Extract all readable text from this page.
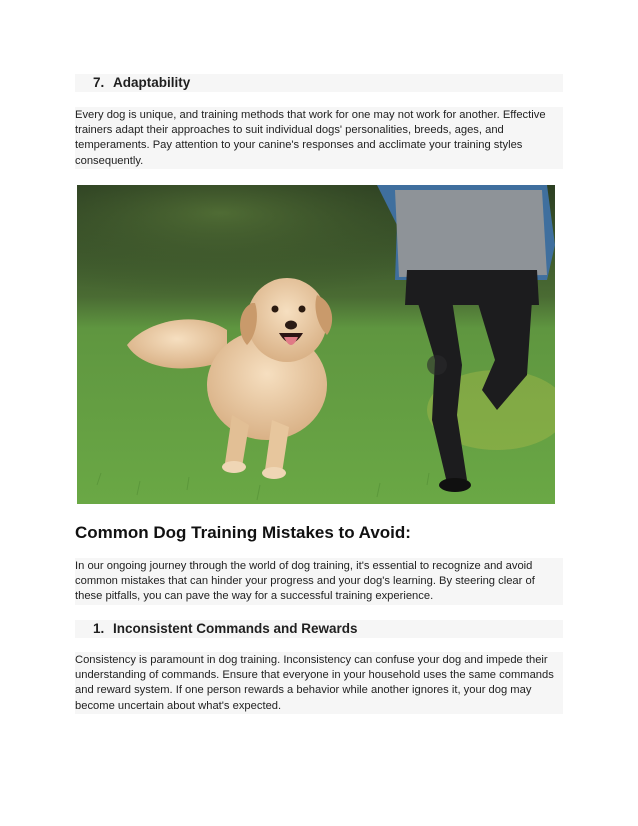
7. Adaptability
Every dog is unique, and training methods that work for one may not work for another. Effective trainers adapt their approaches to suit individual dogs' personalities, breeds, ages, and temperaments. Pay attention to your canine's responses and acclimate your training styles consequently.
Common Dog Training Mistakes to Avoid:
In our ongoing journey through the world of dog training, it's essential to recognize and avoid common mistakes that can hinder your progress and your dog's learning. By steering clear of these pitfalls, you can pave the way for a successful training experience.
1. Inconsistent Commands and Rewards
Consistency is paramount in dog training. Inconsistency can confuse your dog and impede their understanding of commands. Ensure that everyone in your household uses the same commands and reward system. If one person rewards a behavior while another ignores it, your dog may become uncertain about what's expected.
